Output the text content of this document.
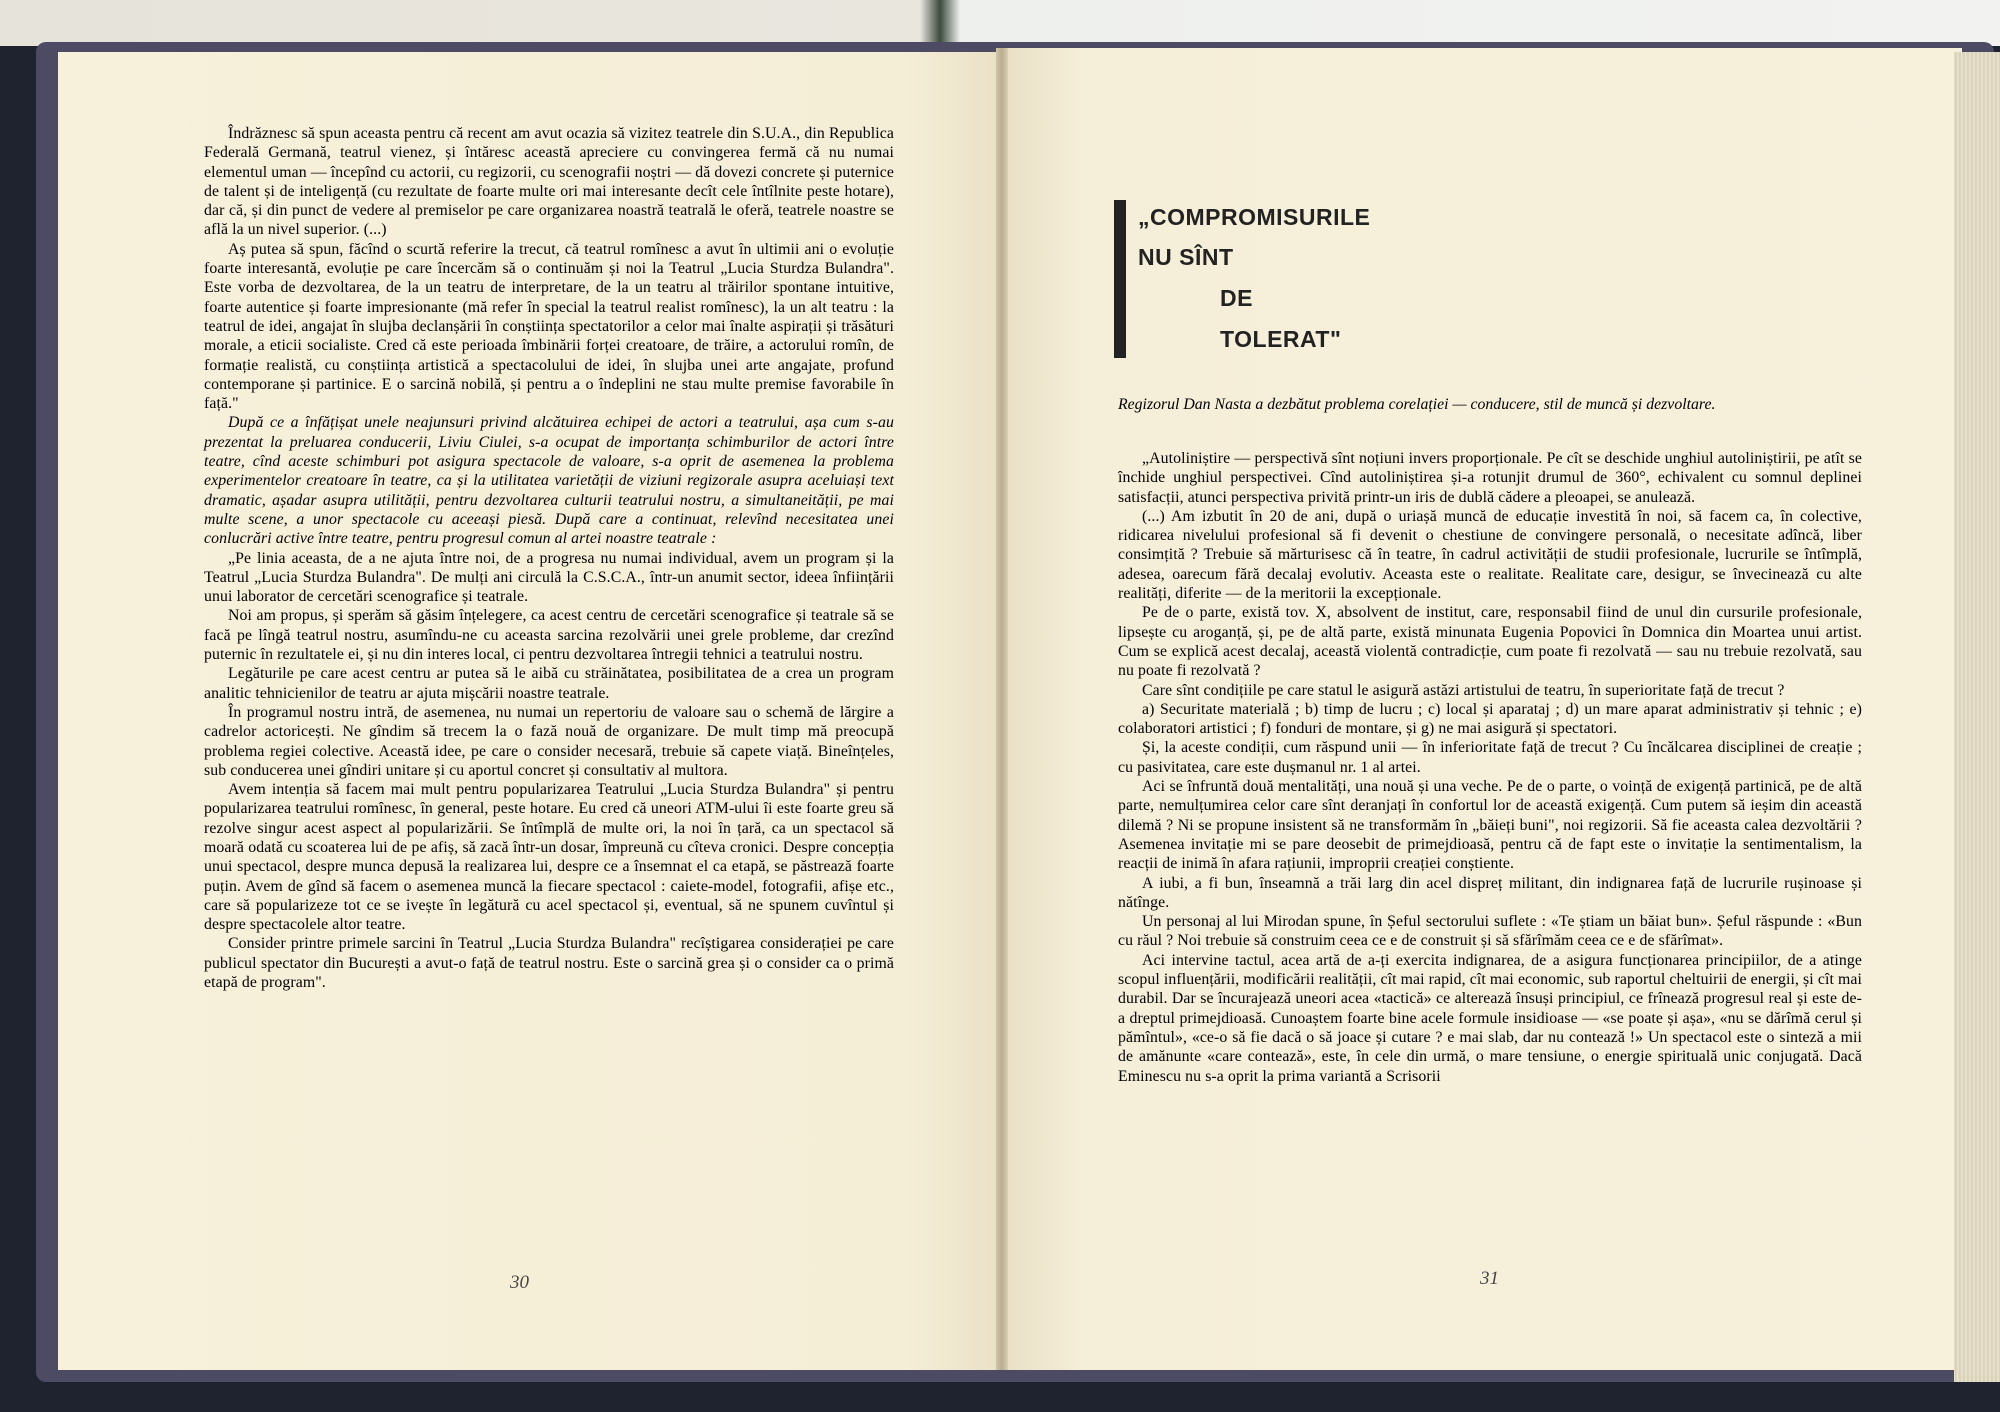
Îndrăznesc să spun aceasta pentru că recent am avut ocazia să vizitez teatrele din S.U.A., din Republica Federală Germană, teatrul vienez, și întăresc această apreciere cu convingerea fermă că nu numai elementul uman — începînd cu actorii, cu regizorii, cu scenografii noștri — dă dovezi concrete și puternice de talent și de inteligență (cu rezultate de foarte multe ori mai interesante decît cele întîlnite peste hotare), dar că, și din punct de vedere al premiselor pe care organizarea noastră teatrală le oferă, teatrele noastre se află la un nivel superior. (...)

Aș putea să spun, făcînd o scurtă referire la trecut, că teatrul romînesc a avut în ultimii ani o evoluție foarte interesantă, evoluție pe care încercăm să o continuăm și noi la Teatrul „Lucia Sturdza Bulandra". Este vorba de dezvoltarea, de la un teatru de interpretare, de la un teatru al trăirilor spontane intuitive, foarte autentice și foarte impresionante (mă refer în special la teatrul realist romînesc), la un alt teatru : la teatrul de idei, angajat în slujba declanșării în conștiința spectatorilor a celor mai înalte aspirații și trăsături morale, a eticii socialiste. Cred că este perioada îmbinării forței creatoare, de trăire, a actorului romîn, de formație realistă, cu conștiința artistică a spectacolului de idei, în slujba unei arte angajate, profund contemporane și partinice. E o sarcină nobilă, și pentru a o îndeplini ne stau multe premise favorabile în față."

După ce a înfățișat unele neajunsuri privind alcătuirea echipei de actori a teatrului, așa cum s-au prezentat la preluarea conducerii, Liviu Ciulei, s-a ocupat de importanța schimburilor de actori între teatre, cînd aceste schimburi pot asigura spectacole de valoare, s-a oprit de asemenea la problema experimentelor creatoare în teatre, ca și la utilitatea varietății de viziuni regizorale asupra aceluiași text dramatic, așadar asupra utilității, pentru dezvoltarea culturii teatrului nostru, a simultaneității, pe mai multe scene, a unor spectacole cu aceeași piesă. După care a continuat, relevînd necesitatea unei conlucrări active între teatre, pentru progresul comun al artei noastre teatrale :

„Pe linia aceasta, de a ne ajuta între noi, de a progresa nu numai individual, avem un program și la Teatrul „Lucia Sturdza Bulandra". De mulți ani circulă la C.S.C.A., într-un anumit sector, ideea înființării unui laborator de cercetări scenografice și teatrale.

Noi am propus, și sperăm să găsim înțelegere, ca acest centru de cercetări scenografice și teatrale să se facă pe lîngă teatrul nostru, asumîndu-ne cu aceasta sarcina rezolvării unei grele probleme, dar crezînd puternic în rezultatele ei, și nu din interes local, ci pentru dezvoltarea întregii tehnici a teatrului nostru.

Legăturile pe care acest centru ar putea să le aibă cu străinătatea, posibilitatea de a crea un program analitic tehnicienilor de teatru ar ajuta mișcării noastre teatrale.

În programul nostru intră, de asemenea, nu numai un repertoriu de valoare sau o schemă de lărgire a cadrelor actoricești. Ne gîndim să trecem la o fază nouă de organizare. De mult timp mă preocupă problema regiei colective. Această idee, pe care o consider necesară, trebuie să capete viață. Bineînțeles, sub conducerea unei gîndiri unitare și cu aportul concret și consultativ al multora.

Avem intenția să facem mai mult pentru popularizarea Teatrului „Lucia Sturdza Bulandra" și pentru popularizarea teatrului romînesc, în general, peste hotare. Eu cred că uneori ATM-ului îi este foarte greu să rezolve singur acest aspect al popularizării. Se întîmplă de multe ori, la noi în țară, ca un spectacol să moară odată cu scoaterea lui de pe afiș, să zacă într-un dosar, împreună cu cîteva cronici. Despre concepția unui spectacol, despre munca depusă la realizarea lui, despre ce a însemnat el ca etapă, se păstrează foarte puțin. Avem de gînd să facem o asemenea muncă la fiecare spectacol : caiete-model, fotografii, afișe etc., care să popularizeze tot ce se ivește în legătură cu acel spectacol și, eventual, să ne spunem cuvîntul și despre spectacolele altor teatre.

Consider printre primele sarcini în Teatrul „Lucia Sturdza Bulandra" recîștigarea considerației pe care publicul spectator din București a avut-o față de teatrul nostru. Este o sarcină grea și o consider ca o primă etapă de program".

30
„COMPROMISURILE
NU SÎNT
DE
TOLERAT"
Regizorul Dan Nasta a dezbătut problema corelației — conducere, stil de muncă și dezvoltare.

„Autoliniștire — perspectivă sînt noțiuni invers proporționale. Pe cît se deschide unghiul autoliniștirii, pe atît se închide unghiul perspectivei. Cînd autoliniștirea și-a rotunjit drumul de 360°, echivalent cu somnul deplinei satisfacții, atunci perspectiva privită printr-un iris de dublă cădere a pleoapei, se anulează.

(...) Am izbutit în 20 de ani, după o uriașă muncă de educație investită în noi, să facem ca, în colective, ridicarea nivelului profesional să fi devenit o chestiune de convingere personală, o necesitate adîncă, liber consimțită ? Trebuie să mărturisesc că în teatre, în cadrul activității de studii profesionale, lucrurile se întîmplă, adesea, oarecum fără decalaj evolutiv. Aceasta este o realitate. Realitate care, desigur, se învecinează cu alte realități, diferite — de la meritorii la excepționale.

Pe de o parte, există tov. X, absolvent de institut, care, responsabil fiind de unul din cursurile profesionale, lipsește cu aroganță, și, pe de altă parte, există minunata Eugenia Popovici în Domnica din Moartea unui artist. Cum se explică acest decalaj, această violentă contradicție, cum poate fi rezolvată — sau nu trebuie rezolvată, sau nu poate fi rezolvată ?

Care sînt condițiile pe care statul le asigură astăzi artistului de teatru, în superioritate față de trecut ?

a) Securitate materială ; b) timp de lucru ; c) local și aparataj ; d) un mare aparat administrativ și tehnic ; e) colaboratori artistici ; f) fonduri de montare, și g) ne mai asigură și spectatori.

Și, la aceste condiții, cum răspund unii — în inferioritate față de trecut ? Cu încălcarea disciplinei de creație ; cu pasivitatea, care este dușmanul nr. 1 al artei.

Aci se înfruntă două mentalități, una nouă și una veche. Pe de o parte, o voință de exigență partinică, pe de altă parte, nemulțumirea celor care sînt deranjați în confortul lor de această exigență. Cum putem să ieșim din această dilemă ? Ni se propune insistent să ne transformăm în „băieți buni", noi regizorii. Să fie aceasta calea dezvoltării ? Asemenea invitație mi se pare deosebit de primejdioasă, pentru că de fapt este o invitație la sentimentalism, la reacții de inimă în afara rațiunii, improprii creației conștiente.

A iubi, a fi bun, înseamnă a trăi larg din acel dispreț militant, din indignarea față de lucrurile rușinoase și nătînge.

Un personaj al lui Mirodan spune, în Șeful sectorului suflete : «Te știam un băiat bun». Șeful răspunde : «Bun cu răul ? Noi trebuie să construim ceea ce e de construit și să sfărîmăm ceea ce e de sfărîmat».

Aci intervine tactul, acea artă de a-ți exercita indignarea, de a asigura funcționarea principiilor, de a atinge scopul influențării, modificării realității, cît mai rapid, cît mai economic, sub raportul cheltuirii de energii, și cît mai durabil. Dar se încurajează uneori acea «tactică» ce alterează însuși principiul, ce frînează progresul real și este de-a dreptul primejdioasă. Cunoaștem foarte bine acele formule insidioase — «se poate și așa», «nu se dărîmă cerul și pămîntul», «ce-o să fie dacă o să joace și cutare ? e mai slab, dar nu contează !» Un spectacol este o sinteză a mii de amănunte «care contează», este, în cele din urmă, o mare tensiune, o energie spirituală unic conjugată. Dacă Eminescu nu s-a oprit la prima variantă a Scrisorii

31
